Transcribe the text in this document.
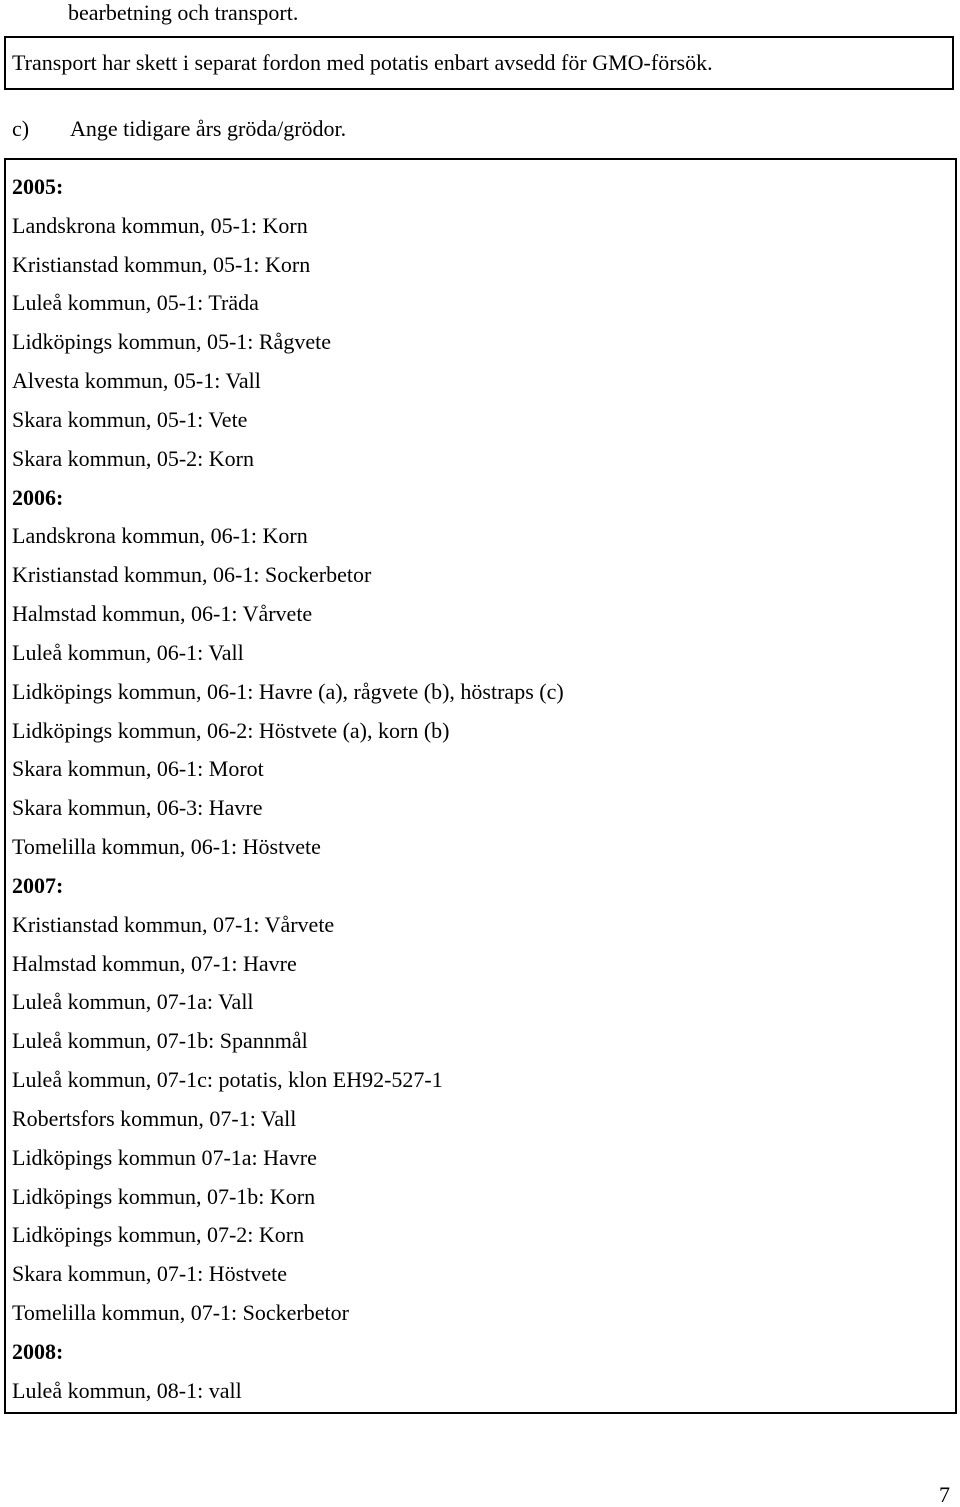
bearbetning och transport.
Transport har skett i separat fordon med potatis enbart avsedd för GMO-försök.
c) Ange tidigare års gröda/grödor.
2005:
Landskrona kommun, 05-1: Korn
Kristianstad kommun, 05-1: Korn
Luleå kommun, 05-1: Träda
Lidköpings kommun, 05-1: Rågvete
Alvesta kommun, 05-1: Vall
Skara kommun, 05-1: Vete
Skara kommun, 05-2: Korn
2006:
Landskrona kommun, 06-1: Korn
Kristianstad kommun, 06-1: Sockerbetor
Halmstad kommun, 06-1: Vårvete
Luleå kommun, 06-1: Vall
Lidköpings kommun, 06-1: Havre (a), rågvete (b), höstraps (c)
Lidköpings kommun, 06-2: Höstvete (a), korn (b)
Skara kommun, 06-1: Morot
Skara kommun, 06-3: Havre
Tomelilla kommun, 06-1: Höstvete
2007:
Kristianstad kommun, 07-1: Vårvete
Halmstad kommun, 07-1: Havre
Luleå kommun, 07-1a: Vall
Luleå kommun, 07-1b: Spannmål
Luleå kommun, 07-1c: potatis, klon EH92-527-1
Robertsfors kommun, 07-1: Vall
Lidköpings kommun 07-1a: Havre
Lidköpings kommun, 07-1b: Korn
Lidköpings kommun, 07-2: Korn
Skara kommun, 07-1: Höstvete
Tomelilla kommun, 07-1: Sockerbetor
2008:
Luleå kommun, 08-1: vall
7
